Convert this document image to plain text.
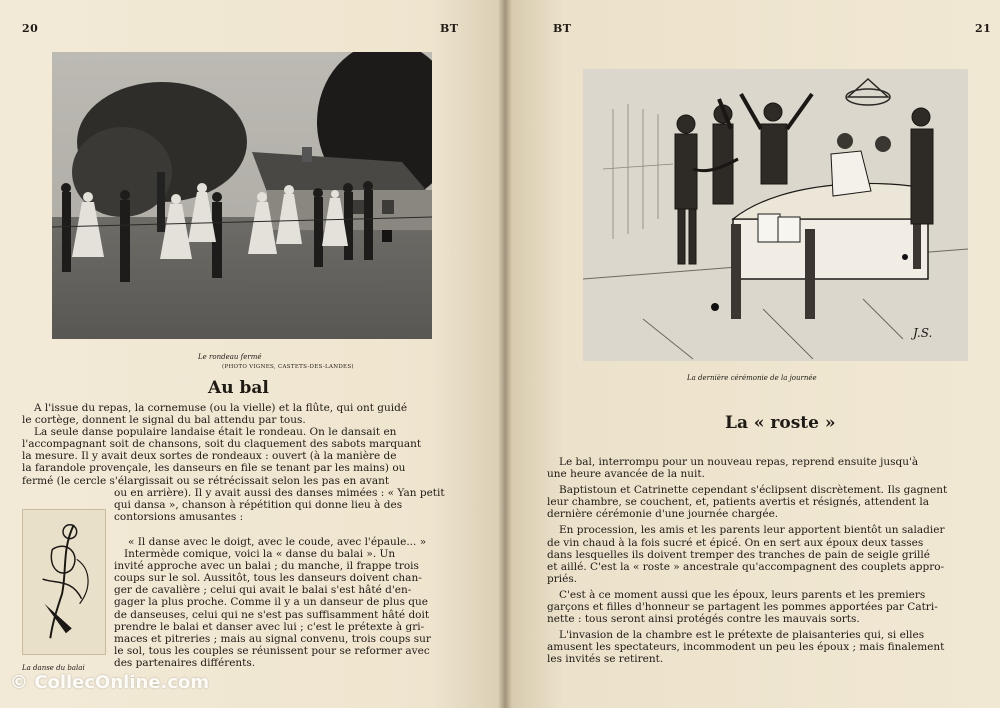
20	BT
Le rondeau fermé
(PHOTO VIGNES, CASTETS-DES-LANDES)
Au bal
A l'issue du repas, la cornemuse (ou la vielle) et la flûte, qui ont guidé
le cortège, donnent le signal du bal attendu par tous.
La seule danse populaire landaise était le rondeau. On le dansait en
l'accompagnant soit de chansons, soit du claquement des sabots marquant
la mesure. Il y avait deux sortes de rondeaux : ouvert (à la manière de
la farandole provençale, les danseurs en file se tenant par les mains) ou
fermé (le cercle s'élargissait ou se rétrécissait selon les pas en avant
ou en arrière). Il y avait aussi des danses mimées : « Yan petit
qui dansa », chanson à répétition qui donne lieu à des
contorsions amusantes :
La danse du balai
« Il danse avec le doigt, avec le coude, avec l'épaule... »
Intermède comique, voici la « danse du balai ». Un
invité approche avec un balai ; du manche, il frappe trois
coups sur le sol. Aussitôt, tous les danseurs doivent chan-
ger de cavalière ; celui qui avait le balai s'est hâté d'en-
gager la plus proche. Comme il y a un danseur de plus que
de danseuses, celui qui ne s'est pas suffisamment hâté doit
prendre le balai et danser avec lui ; c'est le prétexte à gri-
maces et pitreries ; mais au signal convenu, trois coups sur
le sol, tous les couples se réunissent pour se reformer avec
des partenaires différents.
© CollecOnline.com
BT	21
J.S.
La dernière cérémonie de la journée
La « roste »
Le bal, interrompu pour un nouveau repas, reprend ensuite jusqu'à
une heure avancée de la nuit.
Baptistoun et Catrinette cependant s'éclipsent discrètement. Ils gagnent
leur chambre, se couchent, et, patients avertis et résignés, attendent la
dernière cérémonie d'une journée chargée.
En procession, les amis et les parents leur apportent bientôt un saladier
de vin chaud à la fois sucré et épicé. On en sert aux époux deux tasses
dans lesquelles ils doivent tremper des tranches de pain de seigle grillé
et aillé. C'est la « roste » ancestrale qu'accompagnent des couplets appro-
priés.
C'est à ce moment aussi que les époux, leurs parents et les premiers
garçons et filles d'honneur se partagent les pommes apportées par Catri-
nette : tous seront ainsi protégés contre les mauvais sorts.
L'invasion de la chambre est le prétexte de plaisanteries qui, si elles
amusent les spectateurs, incommodent un peu les époux ; mais finalement
les invités se retirent.
